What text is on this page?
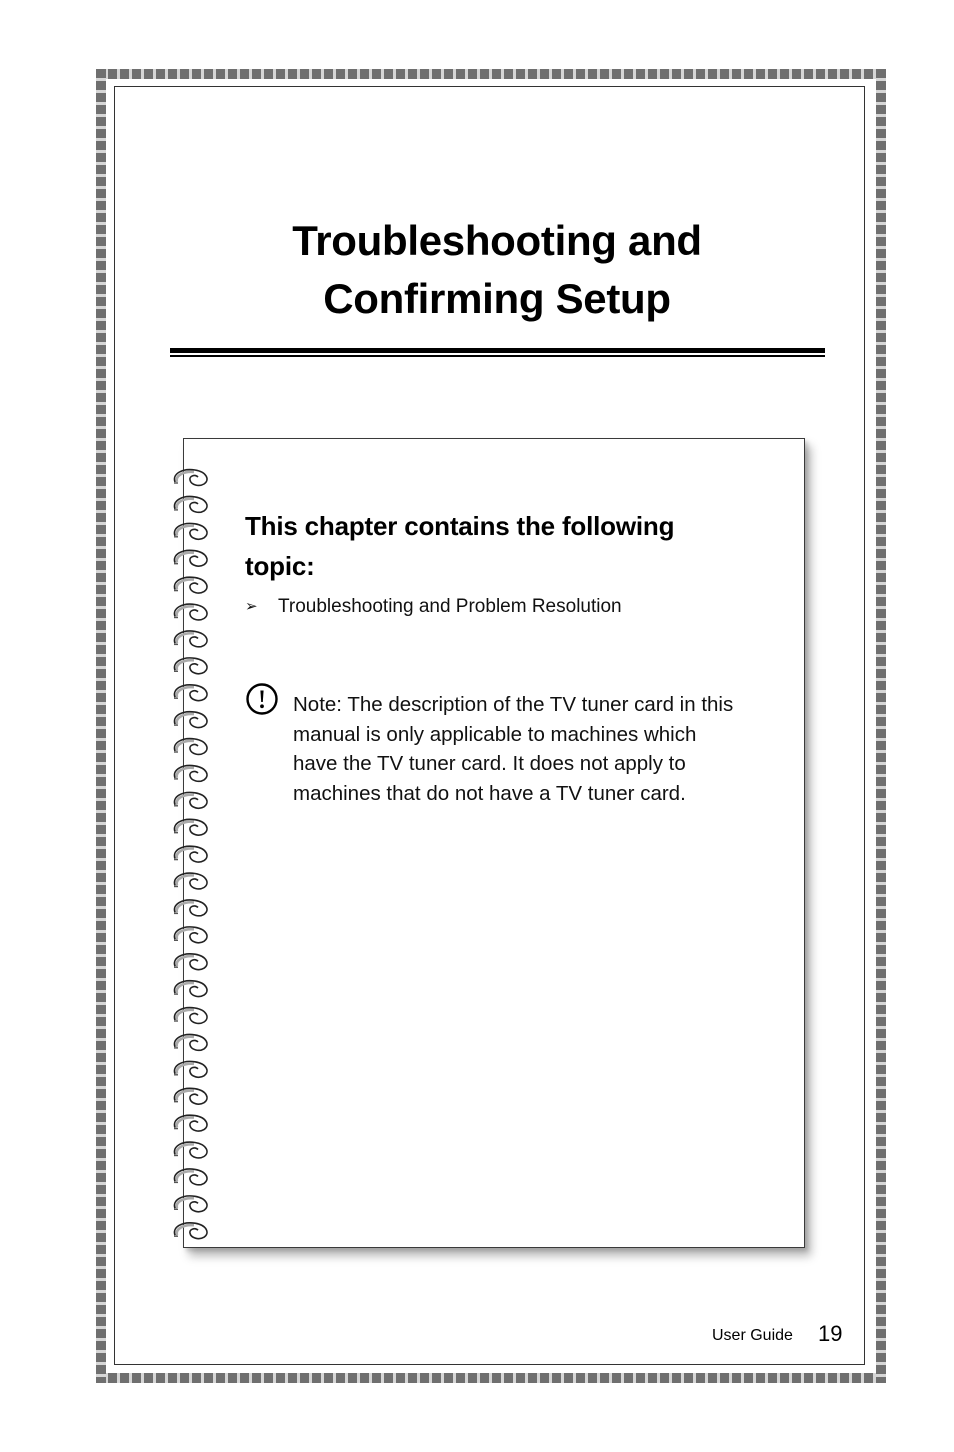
Troubleshooting and
Confirming Setup
This chapter contains the following
topic:
➢	Troubleshooting and Problem Resolution

Note: The description of the TV tuner card in this manual is only applicable to machines which have the TV tuner card. It does not apply to machines that do not have a TV tuner card.

User Guide 19
